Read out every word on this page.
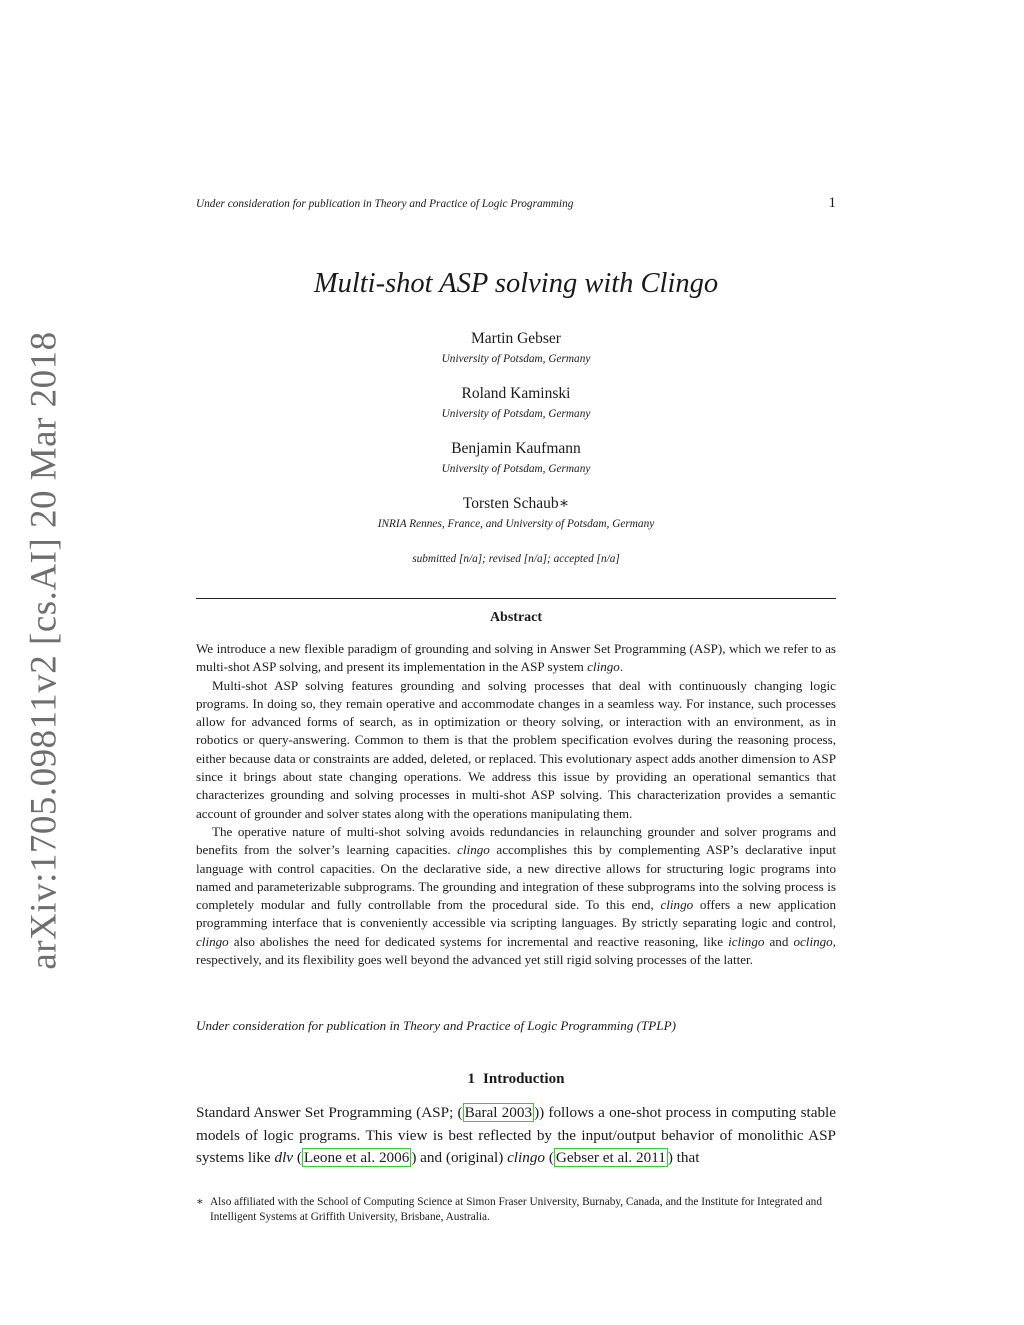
arXiv:1705.09811v2 [cs.AI] 20 Mar 2018
Under consideration for publication in Theory and Practice of Logic Programming	1
Multi-shot ASP solving with Clingo
Martin Gebser
University of Potsdam, Germany
Roland Kaminski
University of Potsdam, Germany
Benjamin Kaufmann
University of Potsdam, Germany
Torsten Schaub∗
INRIA Rennes, France, and University of Potsdam, Germany
submitted [n/a]; revised [n/a]; accepted [n/a]
Abstract

We introduce a new flexible paradigm of grounding and solving in Answer Set Programming (ASP), which we refer to as multi-shot ASP solving, and present its implementation in the ASP system clingo.

Multi-shot ASP solving features grounding and solving processes that deal with continuously changing logic programs. In doing so, they remain operative and accommodate changes in a seamless way. For instance, such processes allow for advanced forms of search, as in optimization or theory solving, or interaction with an environment, as in robotics or query-answering. Common to them is that the problem specification evolves during the reasoning process, either because data or constraints are added, deleted, or replaced. This evolutionary aspect adds another dimension to ASP since it brings about state changing operations. We address this issue by providing an operational semantics that characterizes grounding and solving processes in multi-shot ASP solving. This characterization provides a semantic account of grounder and solver states along with the operations manipulating them.

The operative nature of multi-shot solving avoids redundancies in relaunching grounder and solver programs and benefits from the solver’s learning capacities. clingo accomplishes this by complementing ASP’s declarative input language with control capacities. On the declarative side, a new directive allows for structuring logic programs into named and parameterizable subprograms. The grounding and integration of these subprograms into the solving process is completely modular and fully controllable from the procedural side. To this end, clingo offers a new application programming interface that is conveniently accessible via scripting languages. By strictly separating logic and control, clingo also abolishes the need for dedicated systems for incremental and reactive reasoning, like iclingo and oclingo, respectively, and its flexibility goes well beyond the advanced yet still rigid solving processes of the latter.

Under consideration for publication in Theory and Practice of Logic Programming (TPLP)
1 Introduction

Standard Answer Set Programming (ASP; ( Baral 2003 )) follows a one-shot process in computing stable models of logic programs. This view is best reflected by the input/output behavior of monolithic ASP systems like dlv ( Leone et al. 2006 ) and (original) clingo ( Gebser et al. 2011 ) that

∗ Also affiliated with the School of Computing Science at Simon Fraser University, Burnaby, Canada, and the Institute for Integrated and Intelligent Systems at Griffith University, Brisbane, Australia.
